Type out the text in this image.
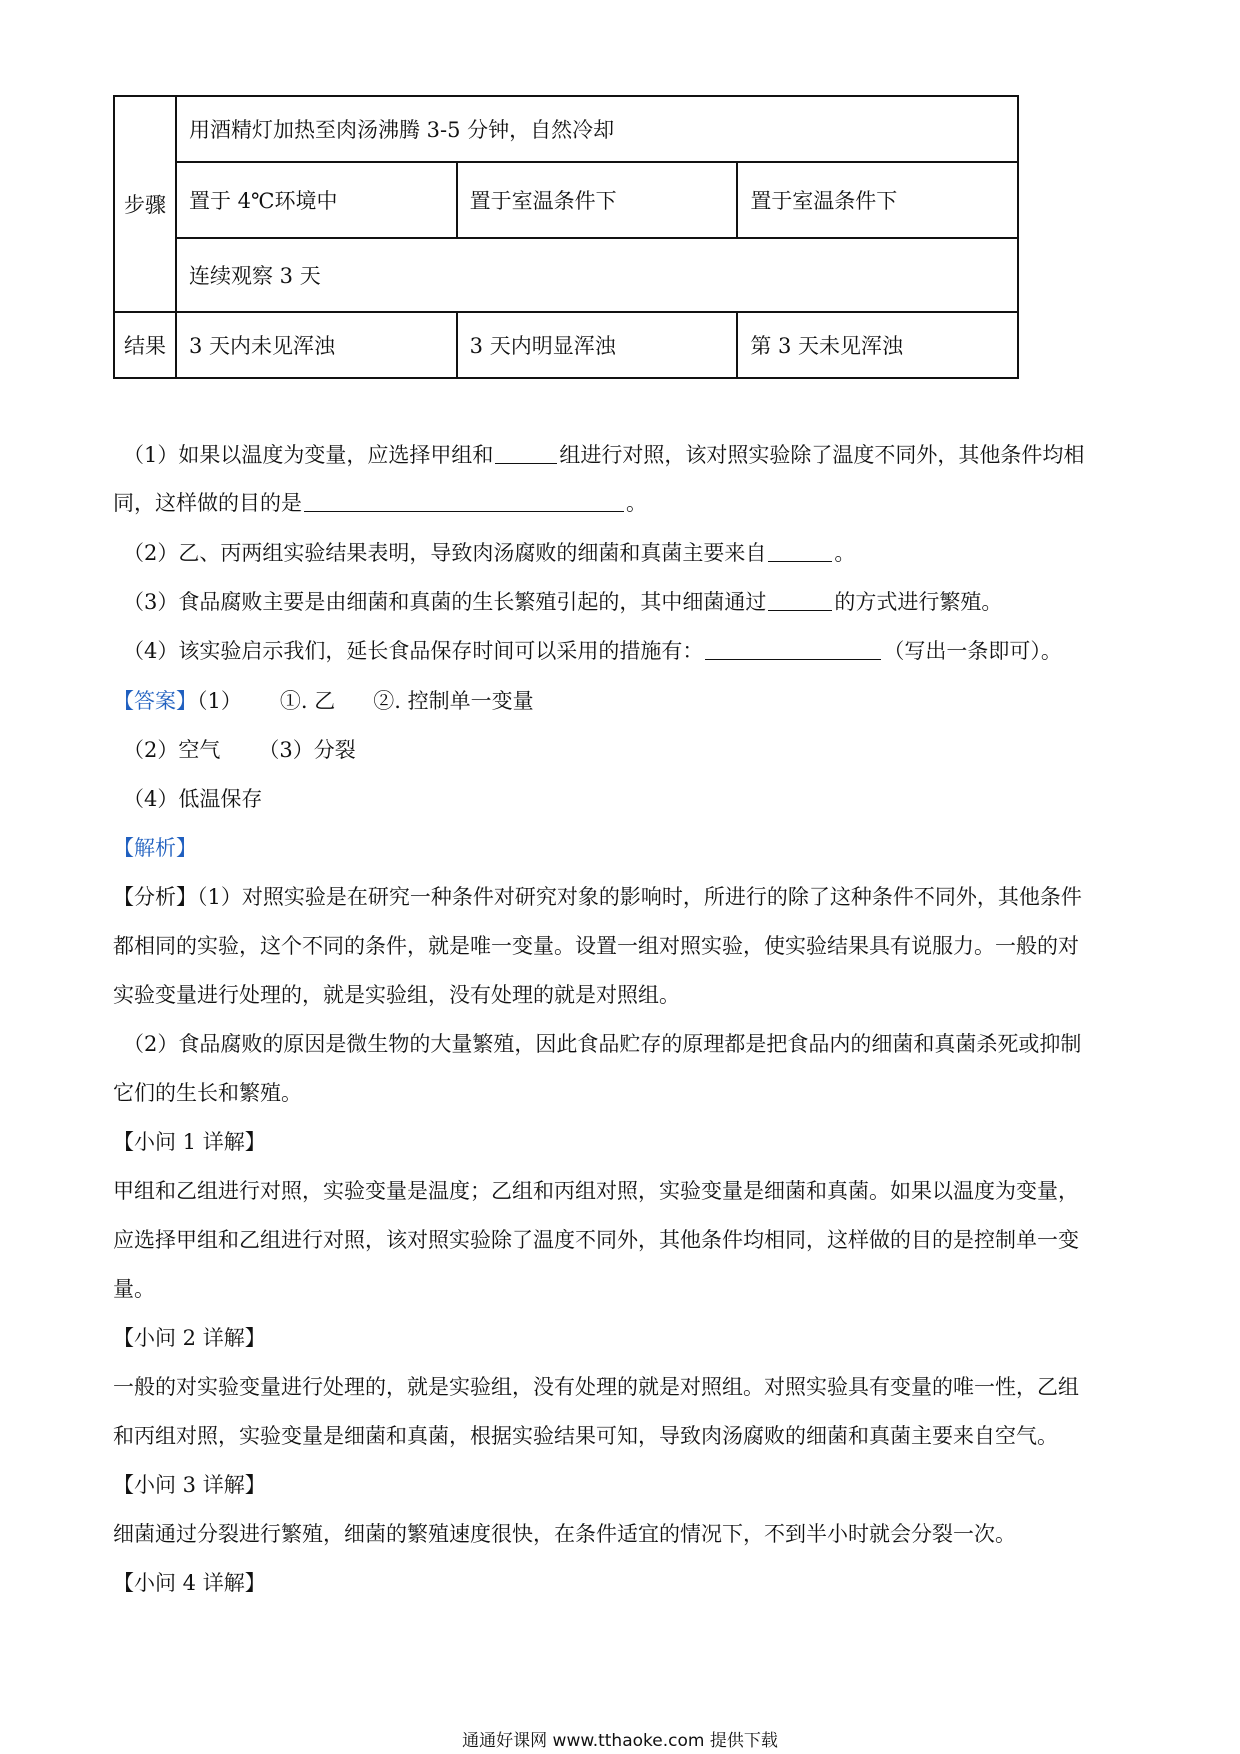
步骤	用酒精灯加热至肉汤沸腾 3-5 分钟，自然冷却		
	置于 4℃环境中	置于室温条件下	置于室温条件下
	连续观察 3 天		
结果	3 天内未见浑浊	3 天内明显浑浊	第 3 天未见浑浊
（1）如果以温度为变量，应选择甲组和	组进行对照，该对照实验除了温度不同外，其他条件均相
同，这样做的目的是	。
（2）乙、丙两组实验结果表明，导致肉汤腐败的细菌和真菌主要来自	。
（3）食品腐败主要是由细菌和真菌的生长繁殖引起的，其中细菌通过	的方式进行繁殖。
（4）该实验启示我们，延长食品保存时间可以采用的措施有：	（写出一条即可）。
【答案】（1） ①. 乙 ②. 控制单一变量
（2）空气 （3）分裂
（4）低温保存
【解析】
【分析】（1）对照实验是在研究一种条件对研究对象的影响时，所进行的除了这种条件不同外，其他条件
都相同的实验，这个不同的条件，就是唯一变量。设置一组对照实验，使实验结果具有说服力。一般的对
实验变量进行处理的，就是实验组，没有处理的就是对照组。
（2）食品腐败的原因是微生物的大量繁殖，因此食品贮存的原理都是把食品内的细菌和真菌杀死或抑制
它们的生长和繁殖。
【小问 1 详解】
甲组和乙组进行对照，实验变量是温度；乙组和丙组对照，实验变量是细菌和真菌。如果以温度为变量，
应选择甲组和乙组进行对照，该对照实验除了温度不同外，其他条件均相同，这样做的目的是控制单一变
量。
【小问 2 详解】
一般的对实验变量进行处理的，就是实验组，没有处理的就是对照组。对照实验具有变量的唯一性，乙组
和丙组对照，实验变量是细菌和真菌，根据实验结果可知，导致肉汤腐败的细菌和真菌主要来自空气。
【小问 3 详解】
细菌通过分裂进行繁殖，细菌的繁殖速度很快，在条件适宜的情况下，不到半小时就会分裂一次。
【小问 4 详解】
通通好课网 www.tthaoke.com 提供下载
